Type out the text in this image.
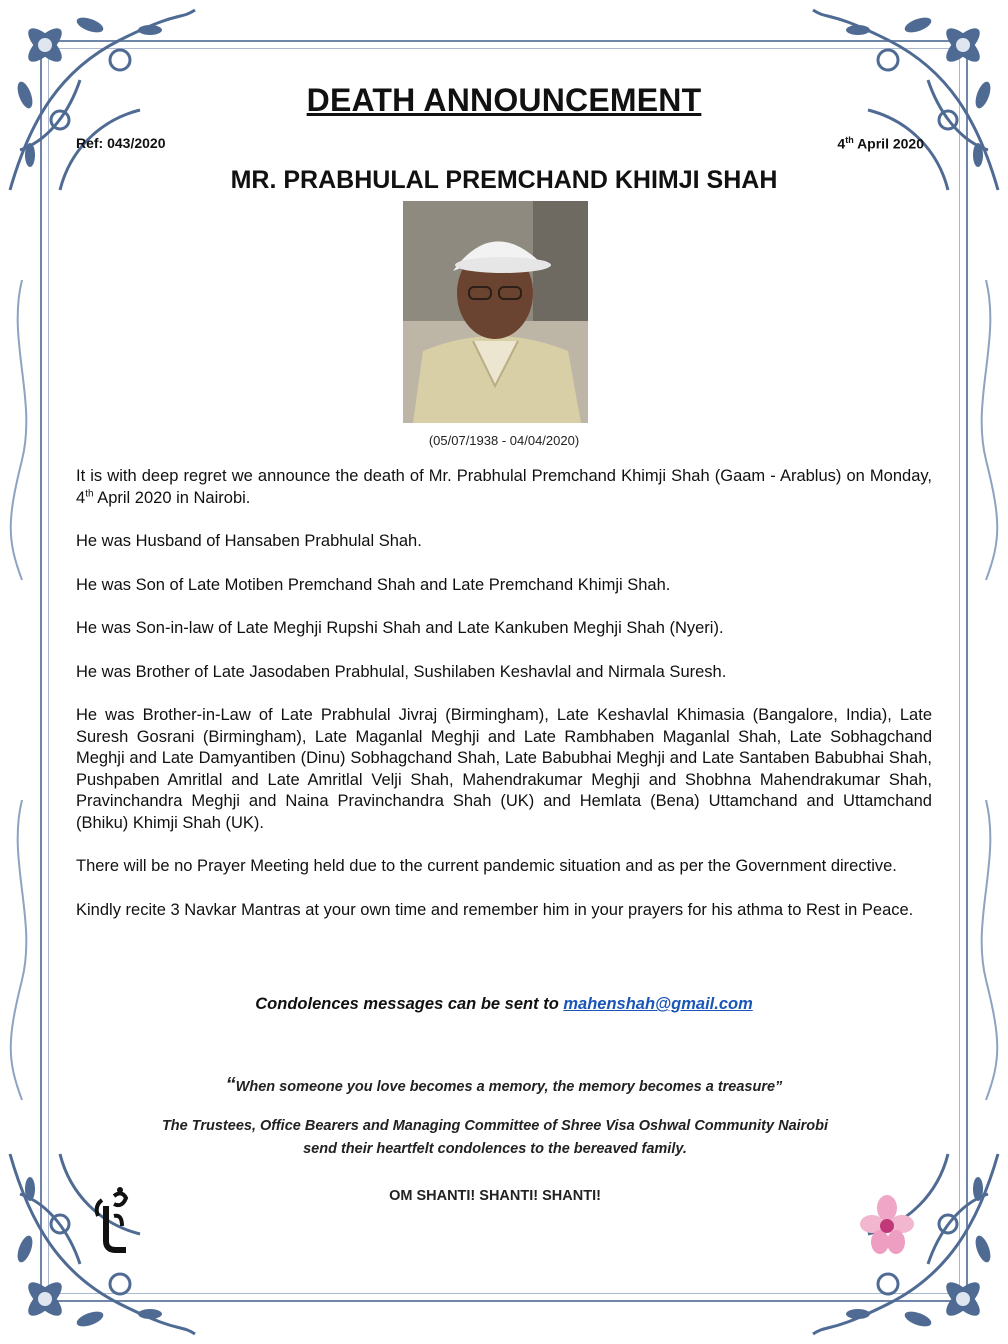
DEATH ANNOUNCEMENT
Ref: 043/2020	4th April 2020
MR. PRABHULAL PREMCHAND KHIMJI SHAH
(05/07/1938 - 04/04/2020)

It is with deep regret we announce the death of Mr. Prabhulal Premchand Khimji Shah (Gaam - Arablus) on Monday, 4th April 2020 in Nairobi.

He was Husband of Hansaben Prabhulal Shah.

He was Son of Late Motiben Premchand Shah and Late Premchand Khimji Shah.

He was Son-in-law of Late Meghji Rupshi Shah and Late Kankuben Meghji Shah (Nyeri).

He was Brother of Late Jasodaben Prabhulal, Sushilaben Keshavlal and Nirmala Suresh.

He was Brother-in-Law of Late Prabhulal Jivraj (Birmingham), Late Keshavlal Khimasia (Bangalore, India), Late Suresh Gosrani (Birmingham), Late Maganlal Meghji and Late Rambhaben Maganlal Shah, Late Sobhagchand Meghji and Late Damyantiben (Dinu) Sobhagchand Shah, Late Babubhai Meghji and Late Santaben Babubhai Shah, Pushpaben Amritlal and Late Amritlal Velji Shah, Mahendrakumar Meghji and Shobhna Mahendrakumar Shah, Pravinchandra Meghji and Naina Pravinchandra Shah (UK) and Hemlata (Bena) Uttamchand and Uttamchand (Bhiku) Khimji Shah (UK).

There will be no Prayer Meeting held due to the current pandemic situation and as per the Government directive.

Kindly recite 3 Navkar Mantras at your own time and remember him in your prayers for his athma to Rest in Peace.

Condolences messages can be sent to mahenshah@gmail.com
“When someone you love becomes a memory, the memory becomes a treasure”
The Trustees, Office Bearers and Managing Committee of Shree Visa Oshwal Community Nairobi
send their heartfelt condolences to the bereaved family.
OM SHANTI! SHANTI! SHANTI!
